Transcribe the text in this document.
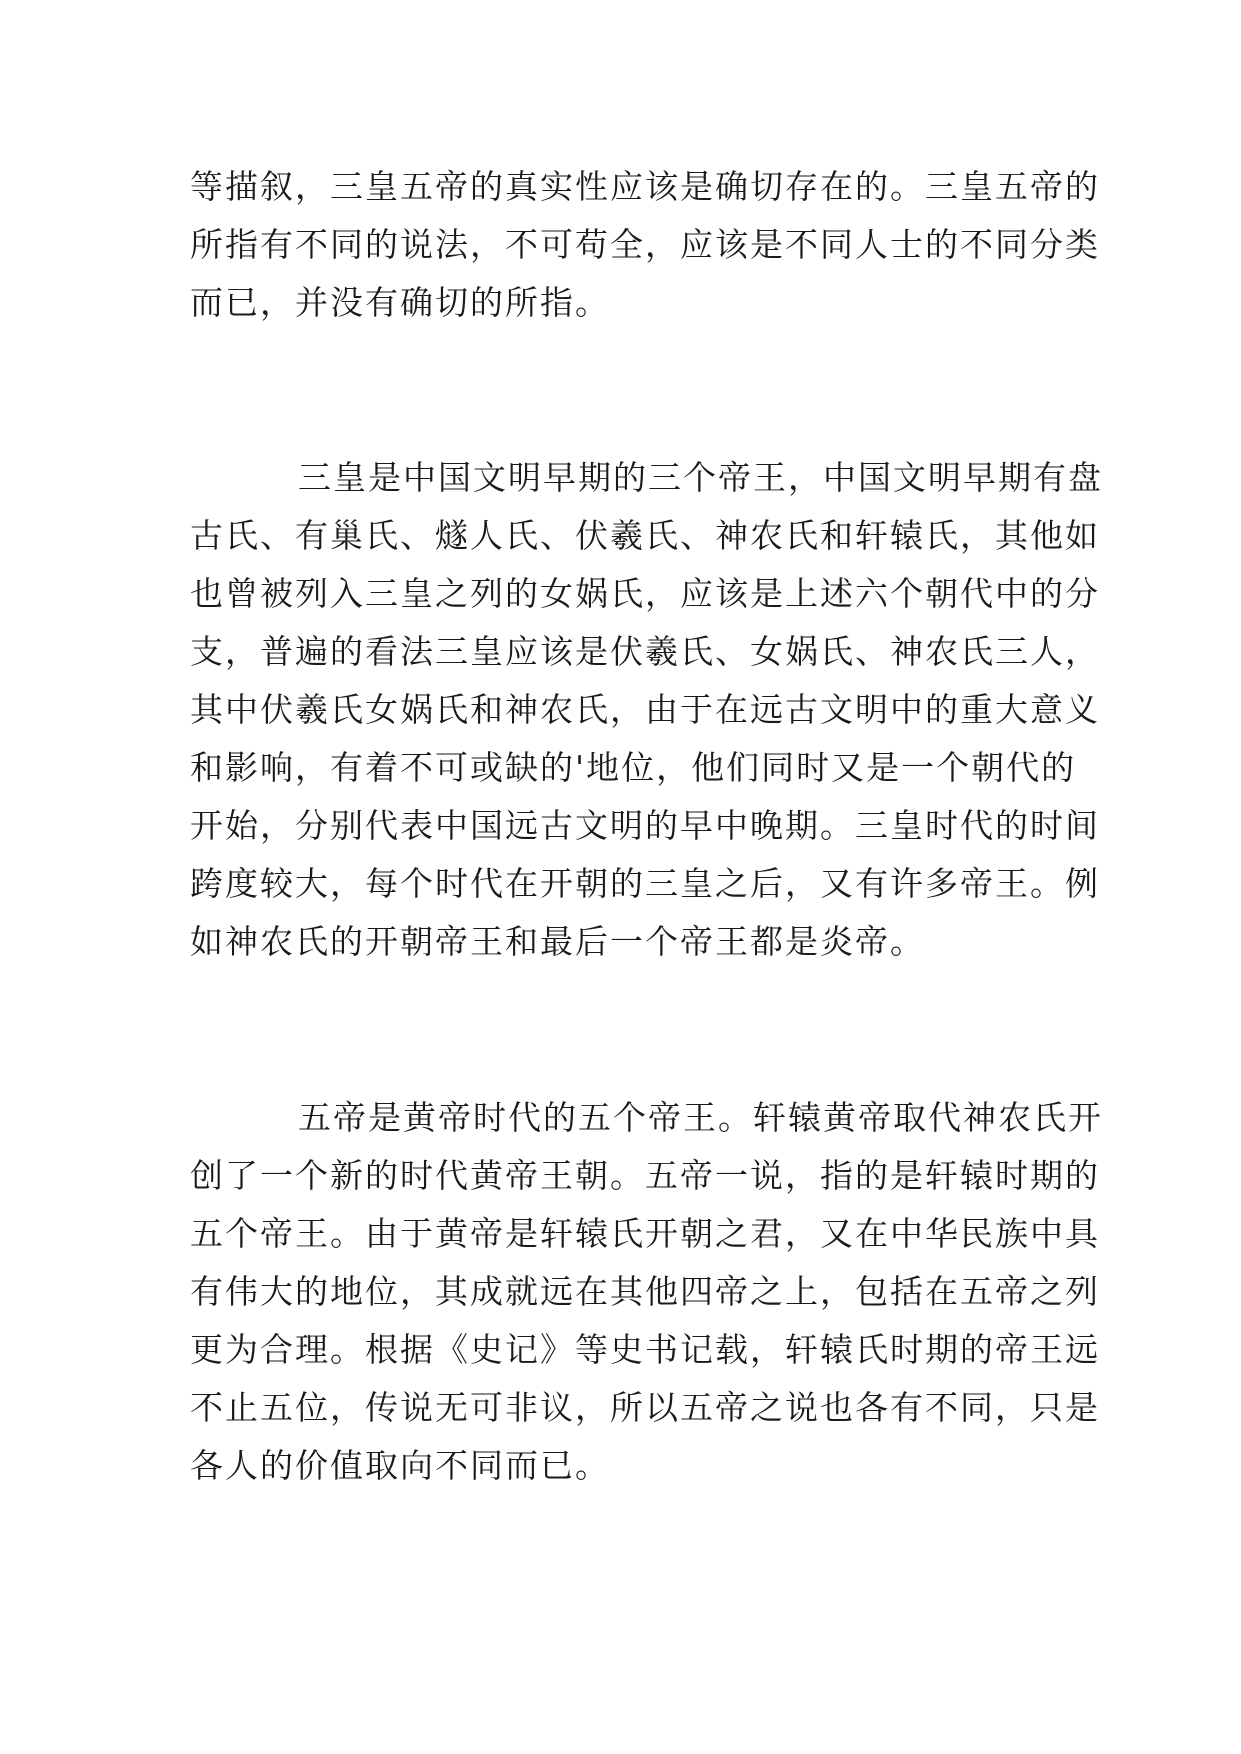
等描叙，三皇五帝的真实性应该是确切存在的。三皇五帝的
所指有不同的说法，不可苟全，应该是不同人士的不同分类
而已，并没有确切的所指。
三皇是中国文明早期的三个帝王，中国文明早期有盘
古氏、有巢氏、燧人氏、伏羲氏、神农氏和轩辕氏，其他如
也曾被列入三皇之列的女娲氏，应该是上述六个朝代中的分
支，普遍的看法三皇应该是伏羲氏、女娲氏、神农氏三人，
其中伏羲氏女娲氏和神农氏，由于在远古文明中的重大意义
和影响，有着不可或缺的'地位，他们同时又是一个朝代的
开始，分别代表中国远古文明的早中晚期。三皇时代的时间
跨度较大，每个时代在开朝的三皇之后，又有许多帝王。例
如神农氏的开朝帝王和最后一个帝王都是炎帝。
五帝是黄帝时代的五个帝王。轩辕黄帝取代神农氏开
创了一个新的时代黄帝王朝。五帝一说，指的是轩辕时期的
五个帝王。由于黄帝是轩辕氏开朝之君，又在中华民族中具
有伟大的地位，其成就远在其他四帝之上，包括在五帝之列
更为合理。根据《史记》等史书记载，轩辕氏时期的帝王远
不止五位，传说无可非议，所以五帝之说也各有不同，只是
各人的价值取向不同而已。
